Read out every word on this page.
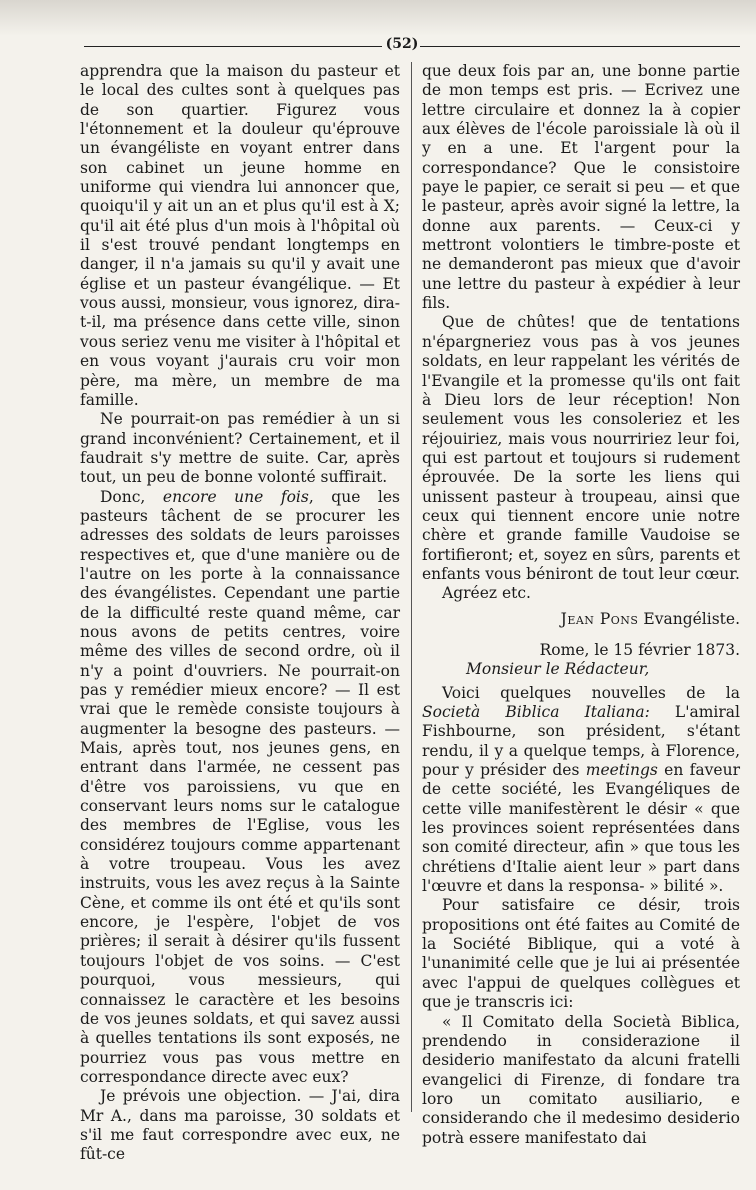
(52)

apprendra que la maison du pasteur et le local des cultes sont à quelques pas de son quartier. Figurez vous l'étonnement et la douleur qu'éprouve un évangéliste en voyant entrer dans son cabinet un jeune homme en uniforme qui viendra lui annoncer que, quoiqu'il y ait un an et plus qu'il est à X; qu'il ait été plus d'un mois à l'hôpital où il s'est trouvé pendant longtemps en danger, il n'a jamais su qu'il y avait une église et un pasteur évangélique. — Et vous aussi, monsieur, vous ignorez, dira-t-il, ma présence dans cette ville, sinon vous seriez venu me visiter à l'hôpital et en vous voyant j'aurais cru voir mon père, ma mère, un membre de ma famille.

Ne pourrait-on pas remédier à un si grand inconvénient? Certainement, et il faudrait s'y mettre de suite. Car, après tout, un peu de bonne volonté suffirait.

Donc, encore une fois, que les pasteurs tâchent de se procurer les adresses des soldats de leurs paroisses respectives et, que d'une manière ou de l'autre on les porte à la connaissance des évangélistes. Cependant une partie de la difficulté reste quand même, car nous avons de petits centres, voire même des villes de second ordre, où il n'y a point d'ouvriers. Ne pourrait-on pas y remédier mieux encore? — Il est vrai que le remède consiste toujours à augmenter la besogne des pasteurs. — Mais, après tout, nos jeunes gens, en entrant dans l'armée, ne cessent pas d'être vos paroissiens, vu que en conservant leurs noms sur le catalogue des membres de l'Eglise, vous les considérez toujours comme appartenant à votre troupeau. Vous les avez instruits, vous les avez reçus à la Sainte Cène, et comme ils ont été et qu'ils sont encore, je l'espère, l'objet de vos prières; il serait à désirer qu'ils fussent toujours l'objet de vos soins. — C'est pourquoi, vous messieurs, qui connaissez le caractère et les besoins de vos jeunes soldats, et qui savez aussi à quelles tentations ils sont exposés, ne pourriez vous pas vous mettre en correspondance directe avec eux?

Je prévois une objection. — J'ai, dira Mr A., dans ma paroisse, 30 soldats et s'il me faut correspondre avec eux, ne fût-ce

que deux fois par an, une bonne partie de mon temps est pris. — Ecrivez une lettre circulaire et donnez la à copier aux élèves de l'école paroissiale là où il y en a une. Et l'argent pour la correspondance? Que le consistoire paye le papier, ce serait si peu — et que le pasteur, après avoir signé la lettre, la donne aux parents. — Ceux-ci y mettront volontiers le timbre-poste et ne demanderont pas mieux que d'avoir une lettre du pasteur à expédier à leur fils.

Que de chûtes! que de tentations n'épargneriez vous pas à vos jeunes soldats, en leur rappelant les vérités de l'Evangile et la promesse qu'ils ont fait à Dieu lors de leur réception! Non seulement vous les consoleriez et les réjouiriez, mais vous nourririez leur foi, qui est partout et toujours si rudement éprouvée. De la sorte les liens qui unissent pasteur à troupeau, ainsi que ceux qui tiennent encore unie notre chère et grande famille Vaudoise se fortifieront; et, soyez en sûrs, parents et enfants vous béniront de tout leur cœur.

Agréez etc.

Jean Pons Evangéliste.

Rome, le 15 février 1873.

Monsieur le Rédacteur,

Voici quelques nouvelles de la Società Biblica Italiana: L'amiral Fishbourne, son président, s'étant rendu, il y a quelque temps, à Florence, pour y présider des meetings en faveur de cette société, les Evangéliques de cette ville manifestèrent le désir « que les provinces soient représentées dans son comité directeur, afin » que tous les chrétiens d'Italie aient leur » part dans l'œuvre et dans la responsa- » bilité ».

Pour satisfaire ce désir, trois propositions ont été faites au Comité de la Société Biblique, qui a voté à l'unanimité celle que je lui ai présentée avec l'appui de quelques collègues et que je transcris ici:

« Il Comitato della Società Biblica, prendendo in considerazione il desiderio manifestato da alcuni fratelli evangelici di Firenze, di fondare tra loro un comitato ausiliario, e considerando che il medesimo desiderio potrà essere manifestato dai
